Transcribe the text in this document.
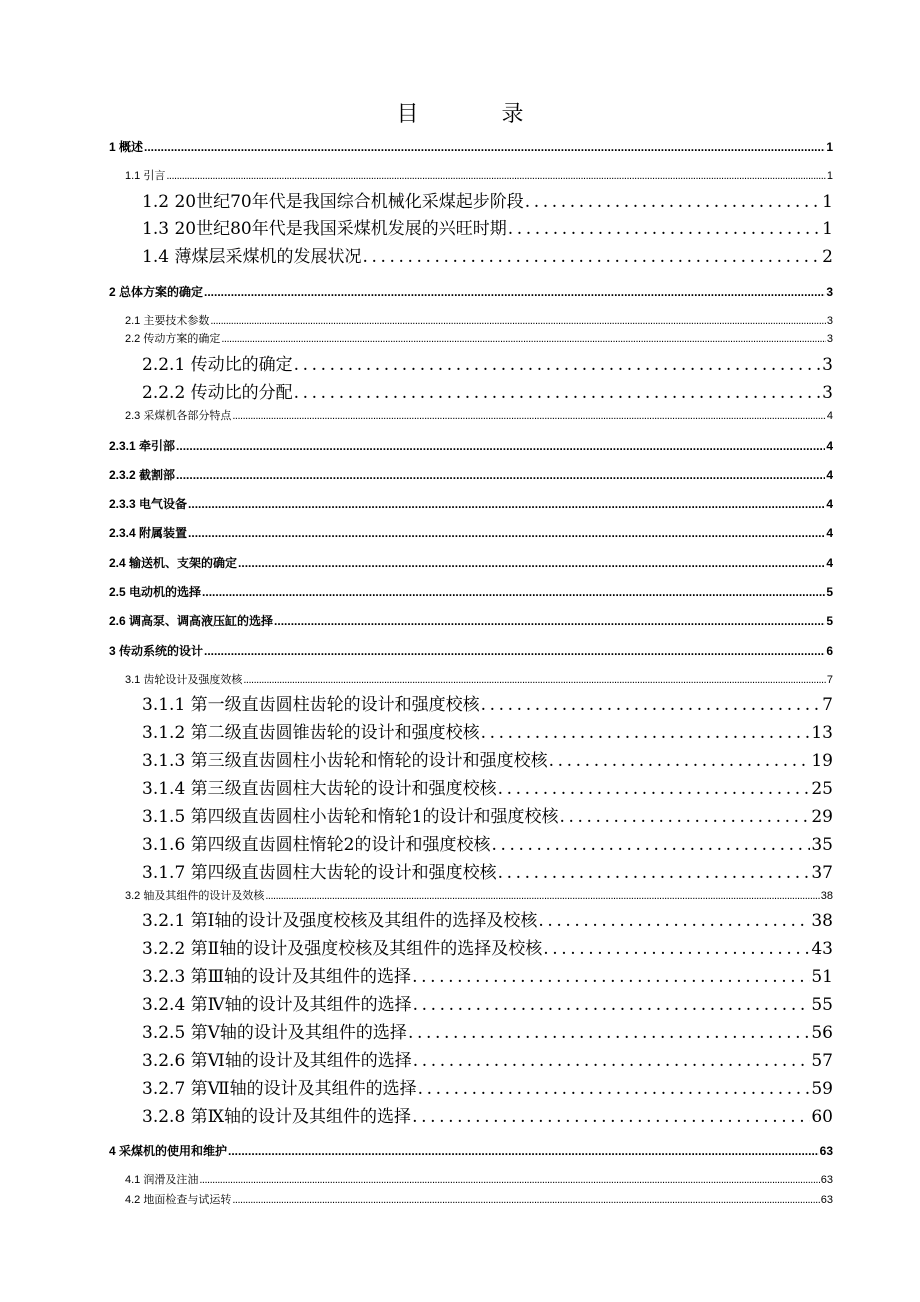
目 录
1 概述 .....	1
1.1 引言 .....	1
1.2 20世纪70年代是我国综合机械化采煤起步阶段 .....	1
1.3 20世纪80年代是我国采煤机发展的兴旺时期 .....	1
1.4 薄煤层采煤机的发展状况 .....	2
2 总体方案的确定 .....	3
2.1 主要技术参数 .....	3
2.2 传动方案的确定 .....	3
2.2.1 传动比的确定 .....	3
2.2.2 传动比的分配 .....	3
2.3 采煤机各部分特点 .....	4
2.3.1 牵引部 .....	4
2.3.2 截割部 .....	4
2.3.3 电气设备 .....	4
2.3.4 附属装置 .....	4
2.4 输送机、支架的确定 .....	4
2.5 电动机的选择 .....	5
2.6 调高泵、调高液压缸的选择 .....	5
3 传动系统的设计 .....	6
3.1 齿轮设计及强度效核 .....	7
3.1.1 第一级直齿圆柱齿轮的设计和强度校核 .....	7
3.1.2 第二级直齿圆锥齿轮的设计和强度校核 .....	13
3.1.3 第三级直齿圆柱小齿轮和惰轮的设计和强度校核 .....	19
3.1.4 第三级直齿圆柱大齿轮的设计和强度校核 .....	25
3.1.5 第四级直齿圆柱小齿轮和惰轮1的设计和强度校核 .....	29
3.1.6 第四级直齿圆柱惰轮2的设计和强度校核 .....	35
3.1.7 第四级直齿圆柱大齿轮的设计和强度校核 .....	37
3.2 轴及其组件的设计及效核 .....	38
3.2.1 第Ⅰ轴的设计及强度校核及其组件的选择及校核 .....	38
3.2.2 第Ⅱ轴的设计及强度校核及其组件的选择及校核 .....	43
3.2.3 第Ⅲ轴的设计及其组件的选择 .....	51
3.2.4 第Ⅳ轴的设计及其组件的选择 .....	55
3.2.5 第Ⅴ轴的设计及其组件的选择 .....	56
3.2.6 第Ⅵ轴的设计及其组件的选择 .....	57
3.2.7 第Ⅶ轴的设计及其组件的选择 .....	59
3.2.8 第Ⅸ轴的设计及其组件的选择 .....	60
4 采煤机的使用和维护 .....	63
4.1 润滑及注油 .....	63
4.2 地面检查与试运转 .....	63
